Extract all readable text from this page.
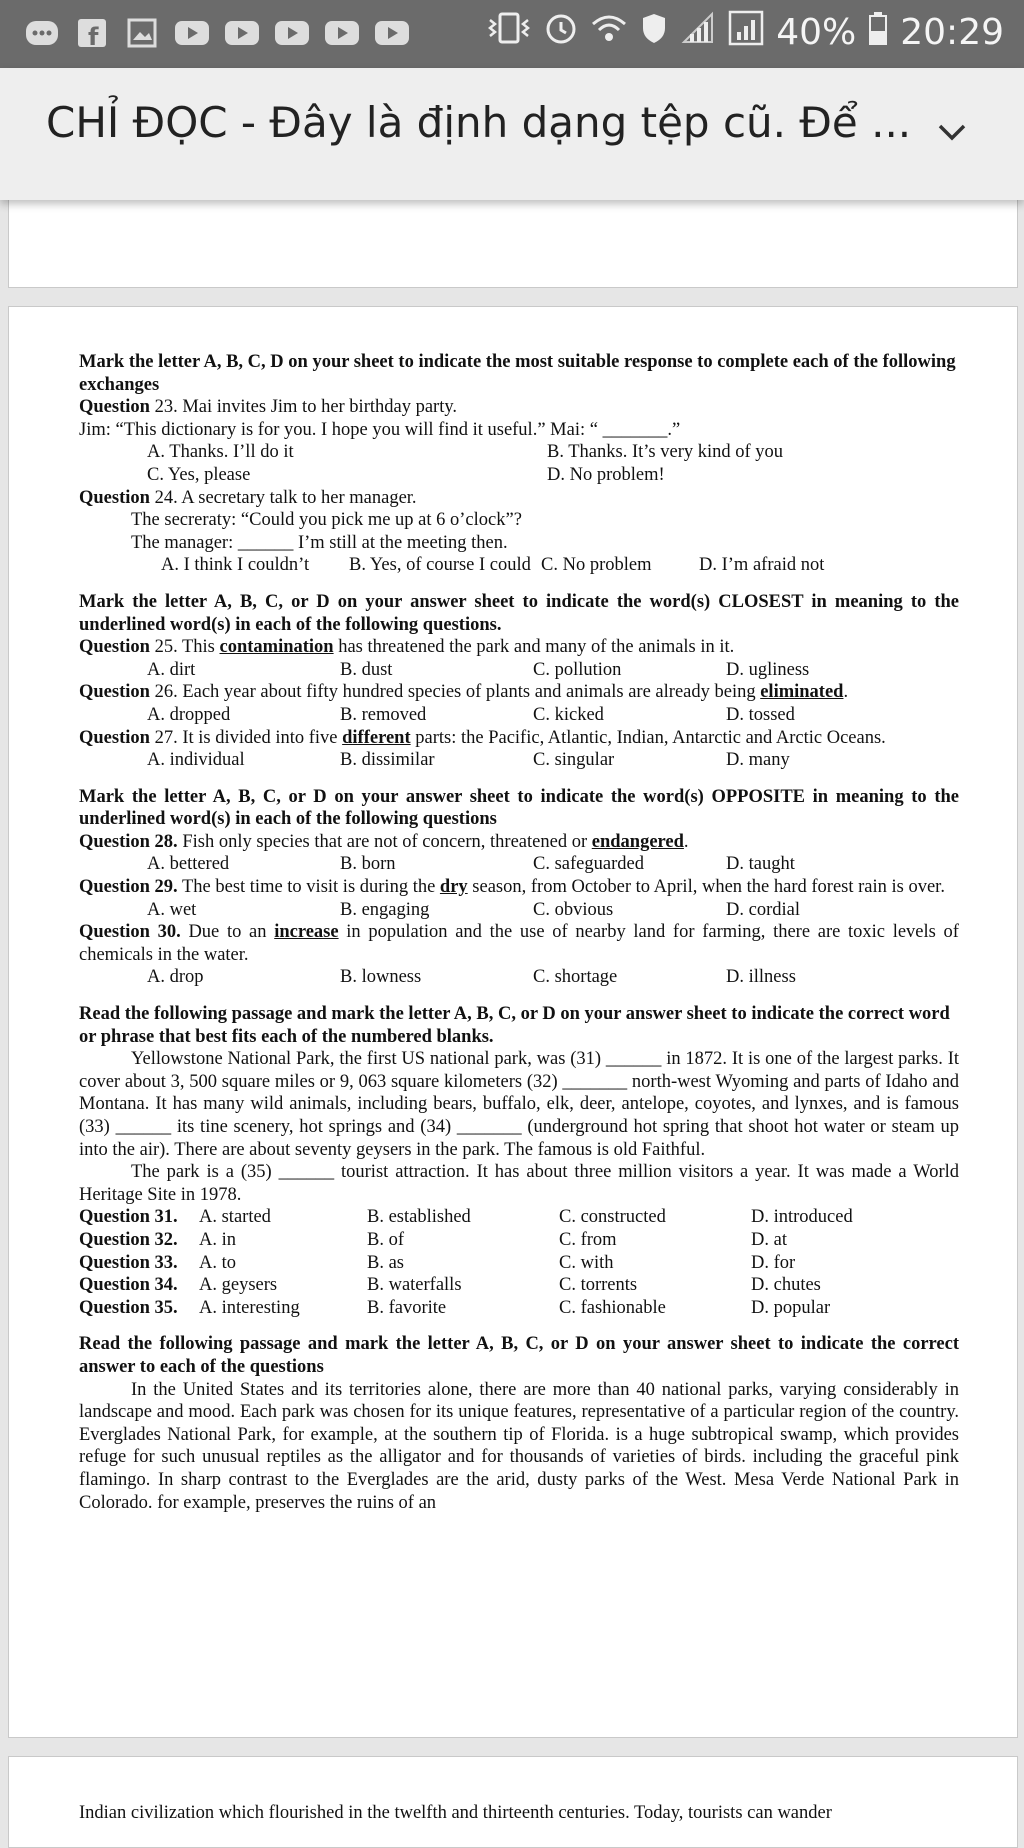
f	40% 20:29
CHỈ ĐỌC - Đây là định dạng tệp cũ. Để ...

Mark the letter A, B, C, D on your sheet to indicate the most suitable response to complete each of the following exchanges

Question 23. Mai invites Jim to her birthday party.

Jim: “This dictionary is for you. I hope you will find it useful.” Mai: “ _______.”

A. Thanks. I’ll do it	B. Thanks. It’s very kind of you
C. Yes, please	D. No problem!

Question 24. A secretary talk to her manager.

The secreraty: “Could you pick me up at 6 o’clock”?

The manager: ______ I’m still at the meeting then.

A. I think I couldn’t	B. Yes, of course I could C. No problem	D. I’m afraid not

Mark the letter A, B, C, or D on your answer sheet to indicate the word(s) CLOSEST in meaning to the underlined word(s) in each of the following questions.

Question 25. This contamination has threatened the park and many of the animals in it.

A. dirt	B. dust	C. pollution	D. ugliness

Question 26. Each year about fifty hundred species of plants and animals are already being eliminated.

A. dropped	B. removed	C. kicked	D. tossed

Question 27. It is divided into five different parts: the Pacific, Atlantic, Indian, Antarctic and Arctic Oceans.

A. individual	B. dissimilar	C. singular	D. many

Mark the letter A, B, C, or D on your answer sheet to indicate the word(s) OPPOSITE in meaning to the underlined word(s) in each of the following questions

Question 28. Fish only species that are not of concern, threatened or endangered.

A. bettered	B. born	C. safeguarded	D. taught

Question 29. The best time to visit is during the dry season, from October to April, when the hard forest rain is over.

A. wet	B. engaging	C. obvious	D. cordial

Question 30. Due to an increase in population and the use of nearby land for farming, there are toxic levels of chemicals in the water.

A. drop	B. lowness	C. shortage	D. illness

Read the following passage and mark the letter A, B, C, or D on your answer sheet to indicate the correct word or phrase that best fits each of the numbered blanks.

Yellowstone National Park, the first US national park, was (31) ______ in 1872. It is one of the largest parks. It cover about 3, 500 square miles or 9, 063 square kilometers (32) _______ north-west Wyoming and parts of Idaho and Montana. It has many wild animals, including bears, buffalo, elk, deer, antelope, coyotes, and lynxes, and is famous (33) ______ its tine scenery, hot springs and (34) _______ (underground hot spring that shoot hot water or steam up into the air). There are about seventy geysers in the park. The famous is old Faithful.

The park is a (35) ______ tourist attraction. It has about three million visitors a year. It was made a World Heritage Site in 1978.

Question 31.	A. started	B. established	C. constructed	D. introduced
Question 32.	A. in	B. of	C. from	D. at
Question 33.	A. to	B. as	C. with	D. for
Question 34.	A. geysers	B. waterfalls	C. torrents	D. chutes
Question 35.	A. interesting	B. favorite	C. fashionable	D. popular

Read the following passage and mark the letter A, B, C, or D on your answer sheet to indicate the correct answer to each of the questions

In the United States and its territories alone, there are more than 40 national parks, varying considerably in landscape and mood. Each park was chosen for its unique features, representative of a particular region of the country. Everglades National Park, for example, at the southern tip of Florida. is a huge subtropical swamp, which provides refuge for such unusual reptiles as the alligator and for thousands of varieties of birds. including the graceful pink flamingo. In sharp contrast to the Everglades are the arid, dusty parks of the West. Mesa Verde National Park in Colorado. for example, preserves the ruins of an

Indian civilization which flourished in the twelfth and thirteenth centuries. Today, tourists can wander
